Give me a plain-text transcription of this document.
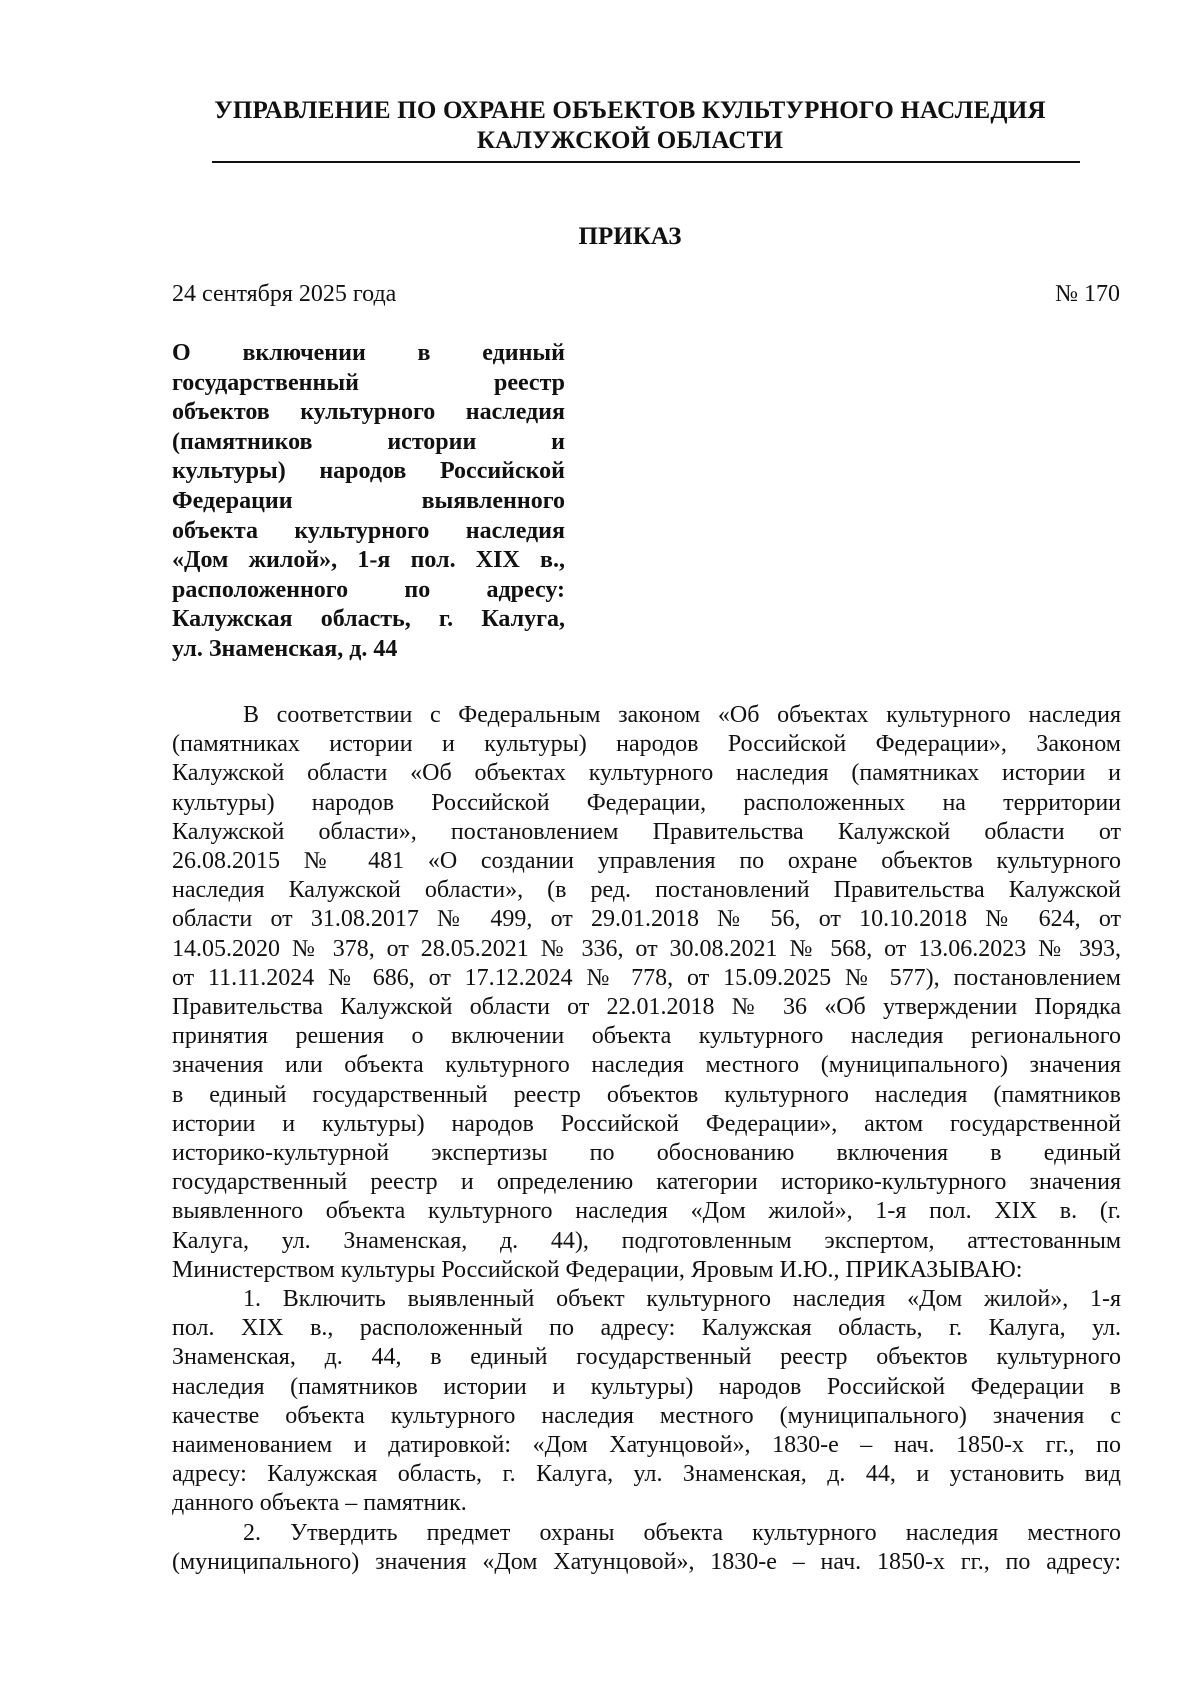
УПРАВЛЕНИЕ ПО ОХРАНЕ ОБЪЕКТОВ КУЛЬТУРНОГО НАСЛЕДИЯ
КАЛУЖСКОЙ ОБЛАСТИ
ПРИКАЗ
24 сентября 2025 года	№ 170
О включении в единый
государственный реестр
объектов культурного наследия
(памятников истории и
культуры) народов Российской
Федерации выявленного
объекта культурного наследия
«Дом жилой», 1-я пол. XIX в.,
расположенного по адресу:
Калужская область, г. Калуга,
ул. Знаменская, д. 44
В соответствии с Федеральным законом «Об объектах культурного наследия
(памятниках истории и культуры) народов Российской Федерации», Законом
Калужской области «Об объектах культурного наследия (памятниках истории и
культуры) народов Российской Федерации, расположенных на территории
Калужской области», постановлением Правительства Калужской области от
26.08.2015 № 481 «О создании управления по охране объектов культурного
наследия Калужской области», (в ред. постановлений Правительства Калужской
области от 31.08.2017 № 499, от 29.01.2018 № 56, от 10.10.2018 № 624, от
14.05.2020 № 378, от 28.05.2021 № 336, от 30.08.2021 № 568, от 13.06.2023 № 393,
от 11.11.2024 № 686, от 17.12.2024 № 778, от 15.09.2025 № 577), постановлением
Правительства Калужской области от 22.01.2018 № 36 «Об утверждении Порядка
принятия решения о включении объекта культурного наследия регионального
значения или объекта культурного наследия местного (муниципального) значения
в единый государственный реестр объектов культурного наследия (памятников
истории и культуры) народов Российской Федерации», актом государственной
историко-культурной экспертизы по обоснованию включения в единый
государственный реестр и определению категории историко-культурного значения
выявленного объекта культурного наследия «Дом жилой», 1-я пол. XIX в. (г.
Калуга, ул. Знаменская, д. 44), подготовленным экспертом, аттестованным
Министерством культуры Российской Федерации, Яровым И.Ю., ПРИКАЗЫВАЮ:
1. Включить выявленный объект культурного наследия «Дом жилой», 1-я
пол. XIX в., расположенный по адресу: Калужская область, г. Калуга, ул.
Знаменская, д. 44, в единый государственный реестр объектов культурного
наследия (памятников истории и культуры) народов Российской Федерации в
качестве объекта культурного наследия местного (муниципального) значения с
наименованием и датировкой: «Дом Хатунцовой», 1830-е – нач. 1850-х гг., по
адресу: Калужская область, г. Калуга, ул. Знаменская, д. 44, и установить вид
данного объекта – памятник.
2. Утвердить предмет охраны объекта культурного наследия местного
(муниципального) значения «Дом Хатунцовой», 1830-е – нач. 1850-х гг., по адресу:
